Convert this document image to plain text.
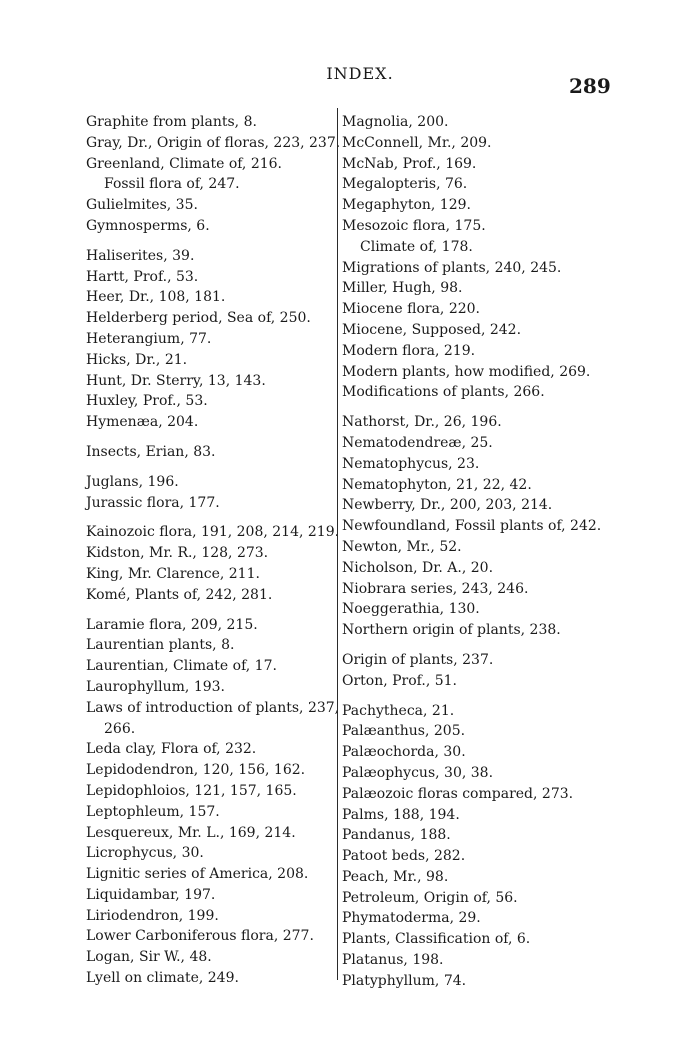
INDEX.
289
Graphite from plants, 8.
Gray, Dr., Origin of floras, 223, 237.
Greenland, Climate of, 216.
Fossil flora of, 247.
Gulielmites, 35.
Gymnosperms, 6.
Haliserites, 39.
Hartt, Prof., 53.
Heer, Dr., 108, 181.
Helderberg period, Sea of, 250.
Heterangium, 77.
Hicks, Dr., 21.
Hunt, Dr. Sterry, 13, 143.
Huxley, Prof., 53.
Hymenæa, 204.
Insects, Erian, 83.
Juglans, 196.
Jurassic flora, 177.
Kainozoic flora, 191, 208, 214, 219.
Kidston, Mr. R., 128, 273.
King, Mr. Clarence, 211.
Komé, Plants of, 242, 281.
Laramie flora, 209, 215.
Laurentian plants, 8.
Laurentian, Climate of, 17.
Laurophyllum, 193.
Laws of introduction of plants, 237,
266.
Leda clay, Flora of, 232.
Lepidodendron, 120, 156, 162.
Lepidophloios, 121, 157, 165.
Leptophleum, 157.
Lesquereux, Mr. L., 169, 214.
Licrophycus, 30.
Lignitic series of America, 208.
Liquidambar, 197.
Liriodendron, 199.
Lower Carboniferous flora, 277.
Logan, Sir W., 48.
Lyell on climate, 249.
Magnolia, 200.
McConnell, Mr., 209.
McNab, Prof., 169.
Megalopteris, 76.
Megaphyton, 129.
Mesozoic flora, 175.
Climate of, 178.
Migrations of plants, 240, 245.
Miller, Hugh, 98.
Miocene flora, 220.
Miocene, Supposed, 242.
Modern flora, 219.
Modern plants, how modified, 269.
Modifications of plants, 266.
Nathorst, Dr., 26, 196.
Nematodendreæ, 25.
Nematophycus, 23.
Nematophyton, 21, 22, 42.
Newberry, Dr., 200, 203, 214.
Newfoundland, Fossil plants of, 242.
Newton, Mr., 52.
Nicholson, Dr. A., 20.
Niobrara series, 243, 246.
Noeggerathia, 130.
Northern origin of plants, 238.
Origin of plants, 237.
Orton, Prof., 51.
Pachytheca, 21.
Palæanthus, 205.
Palæochorda, 30.
Palæophycus, 30, 38.
Palæozoic floras compared, 273.
Palms, 188, 194.
Pandanus, 188.
Patoot beds, 282.
Peach, Mr., 98.
Petroleum, Origin of, 56.
Phymatoderma, 29.
Plants, Classification of, 6.
Platanus, 198.
Platyphyllum, 74.
